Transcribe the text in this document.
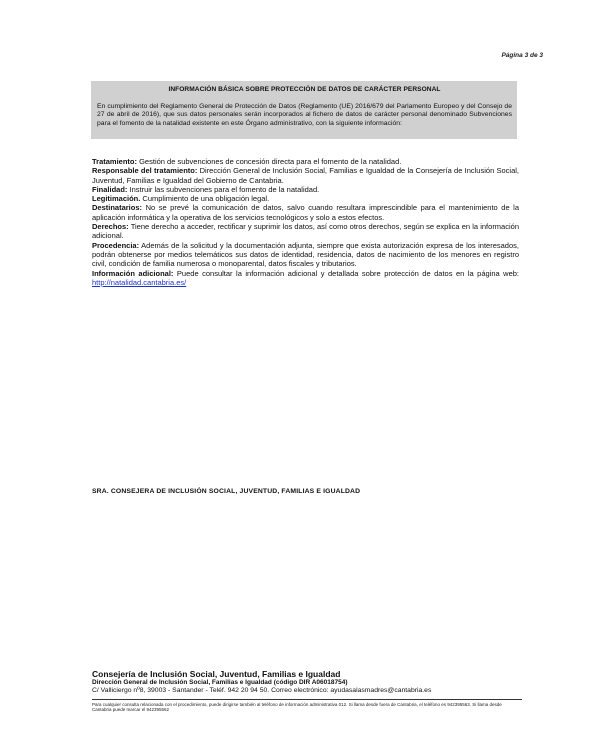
Página 3 de 3
INFORMACIÓN BÁSICA SOBRE PROTECCIÓN DE DATOS DE CARÁCTER PERSONAL
En cumplimiento del Reglamento General de Protección de Datos (Reglamento (UE) 2016/679 del Parlamento Europeo y del Consejo de 27 de abril de 2016), que sus datos personales serán incorporados al fichero de datos de carácter personal denominado Subvenciones para el fomento de la natalidad existente en este Órgano administrativo, con la siguiente información:

Tratamiento: Gestión de subvenciones de concesión directa para el fomento de la natalidad.

Responsable del tratamiento: Dirección General de Inclusión Social, Familias e Igualdad de la Consejería de Inclusión Social, Juventud, Familias e Igualdad del Gobierno de Cantabria.

Finalidad: Instruir las subvenciones para el fomento de la natalidad.

Legitimación. Cumplimiento de una obligación legal.

Destinatarios: No se prevé la comunicación de datos, salvo cuando resultara imprescindible para el mantenimiento de la aplicación informática y la operativa de los servicios tecnológicos y solo a estos efectos.

Derechos: Tiene derecho a acceder, rectificar y suprimir los datos, así como otros derechos, según se explica en la información adicional.

Procedencia: Además de la solicitud y la documentación adjunta, siempre que exista autorización expresa de los interesados, podrán obtenerse por medios telemáticos sus datos de identidad, residencia, datos de nacimiento de los menores en registro civil, condición de familia numerosa o monoparental, datos fiscales y tributarios.

Información adicional: Puede consultar la información adicional y detallada sobre protección de datos en la página web: http://natalidad.cantabria.es/

SRA. CONSEJERA DE INCLUSIÓN SOCIAL, JUVENTUD, FAMILIAS E IGUALDAD
Consejería de Inclusión Social, Juventud, Familias e Igualdad
Dirección General de Inclusión Social, Familias e Igualdad (código DIR A06018754)
C/ Valliciergo nº8, 39003 - Santander - Teléf. 942 20 94 50. Correo electrónico: ayudasalasmadres@cantabria.es
Para cualquier consulta relacionada con el procedimiento, puede dirigirse también al teléfono de información administrativa 012. Si llama desde fuera de Cantabria, el teléfono es 942395563. Si llama desde Cantabria puede marcar el 942395562
